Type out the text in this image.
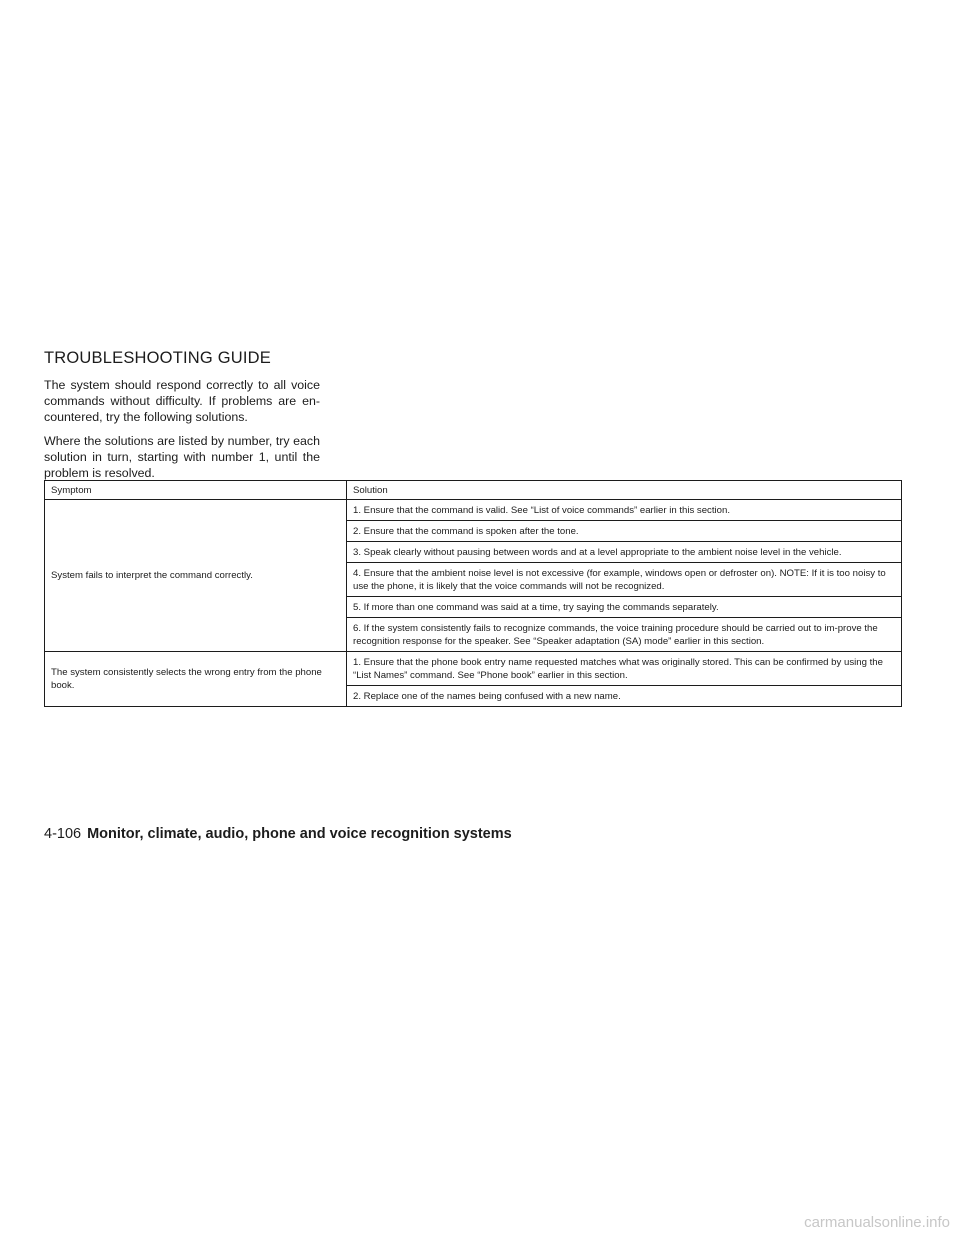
TROUBLESHOOTING GUIDE

The system should respond correctly to all voice commands without difficulty. If problems are en-countered, try the following solutions.

Where the solutions are listed by number, try each solution in turn, starting with number 1, until the problem is resolved.

Symptom	Solution
System fails to interpret the command correctly.	1. Ensure that the command is valid. See “List of voice commands” earlier in this section.
	2. Ensure that the command is spoken after the tone.
	3. Speak clearly without pausing between words and at a level appropriate to the ambient noise level in the vehicle.
	4. Ensure that the ambient noise level is not excessive (for example, windows open or defroster on). NOTE: If it is too noisy to use the phone, it is likely that the voice commands will not be recognized.
	5. If more than one command was said at a time, try saying the commands separately.
	6. If the system consistently fails to recognize commands, the voice training procedure should be carried out to im-prove the recognition response for the speaker. See “Speaker adaptation (SA) mode” earlier in this section.
The system consistently selects the wrong entry from the phone book.	1. Ensure that the phone book entry name requested matches what was originally stored. This can be confirmed by using the “List Names” command. See “Phone book” earlier in this section.
	2. Replace one of the names being confused with a new name.
4-106 Monitor, climate, audio, phone and voice recognition systems
carmanualsonline.info
